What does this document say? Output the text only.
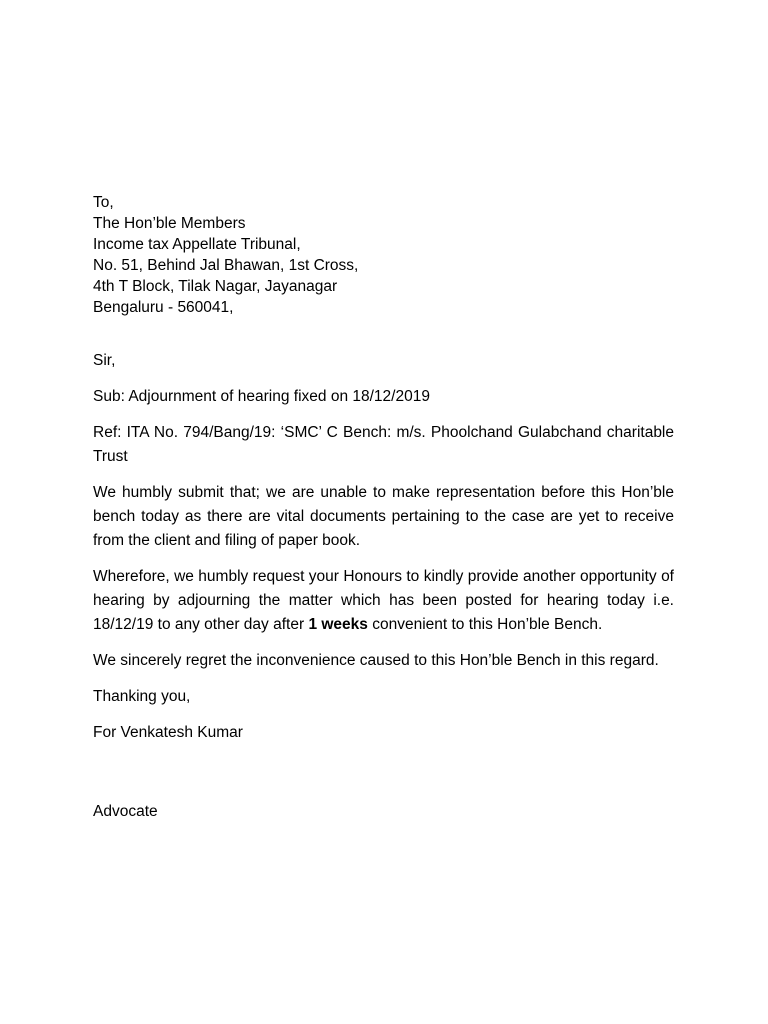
To,
The Hon’ble Members
Income tax Appellate Tribunal,
No. 51, Behind Jal Bhawan, 1st Cross,
4th T Block, Tilak Nagar, Jayanagar
Bengaluru - 560041,

Sir,

Sub: Adjournment of hearing fixed on 18/12/2019

Ref: ITA No. 794/Bang/19: ‘SMC’ C Bench: m/s. Phoolchand Gulabchand charitable Trust

We humbly submit that; we are unable to make representation before this Hon’ble bench today as there are vital documents pertaining to the case are yet to receive from the client and filing of paper book.

Wherefore, we humbly request your Honours to kindly provide another opportunity of hearing by adjourning the matter which has been posted for hearing today i.e. 18/12/19 to any other day after 1 weeks convenient to this Hon’ble Bench.

We sincerely regret the inconvenience caused to this Hon’ble Bench in this regard.

Thanking you,

For Venkatesh Kumar

Advocate
